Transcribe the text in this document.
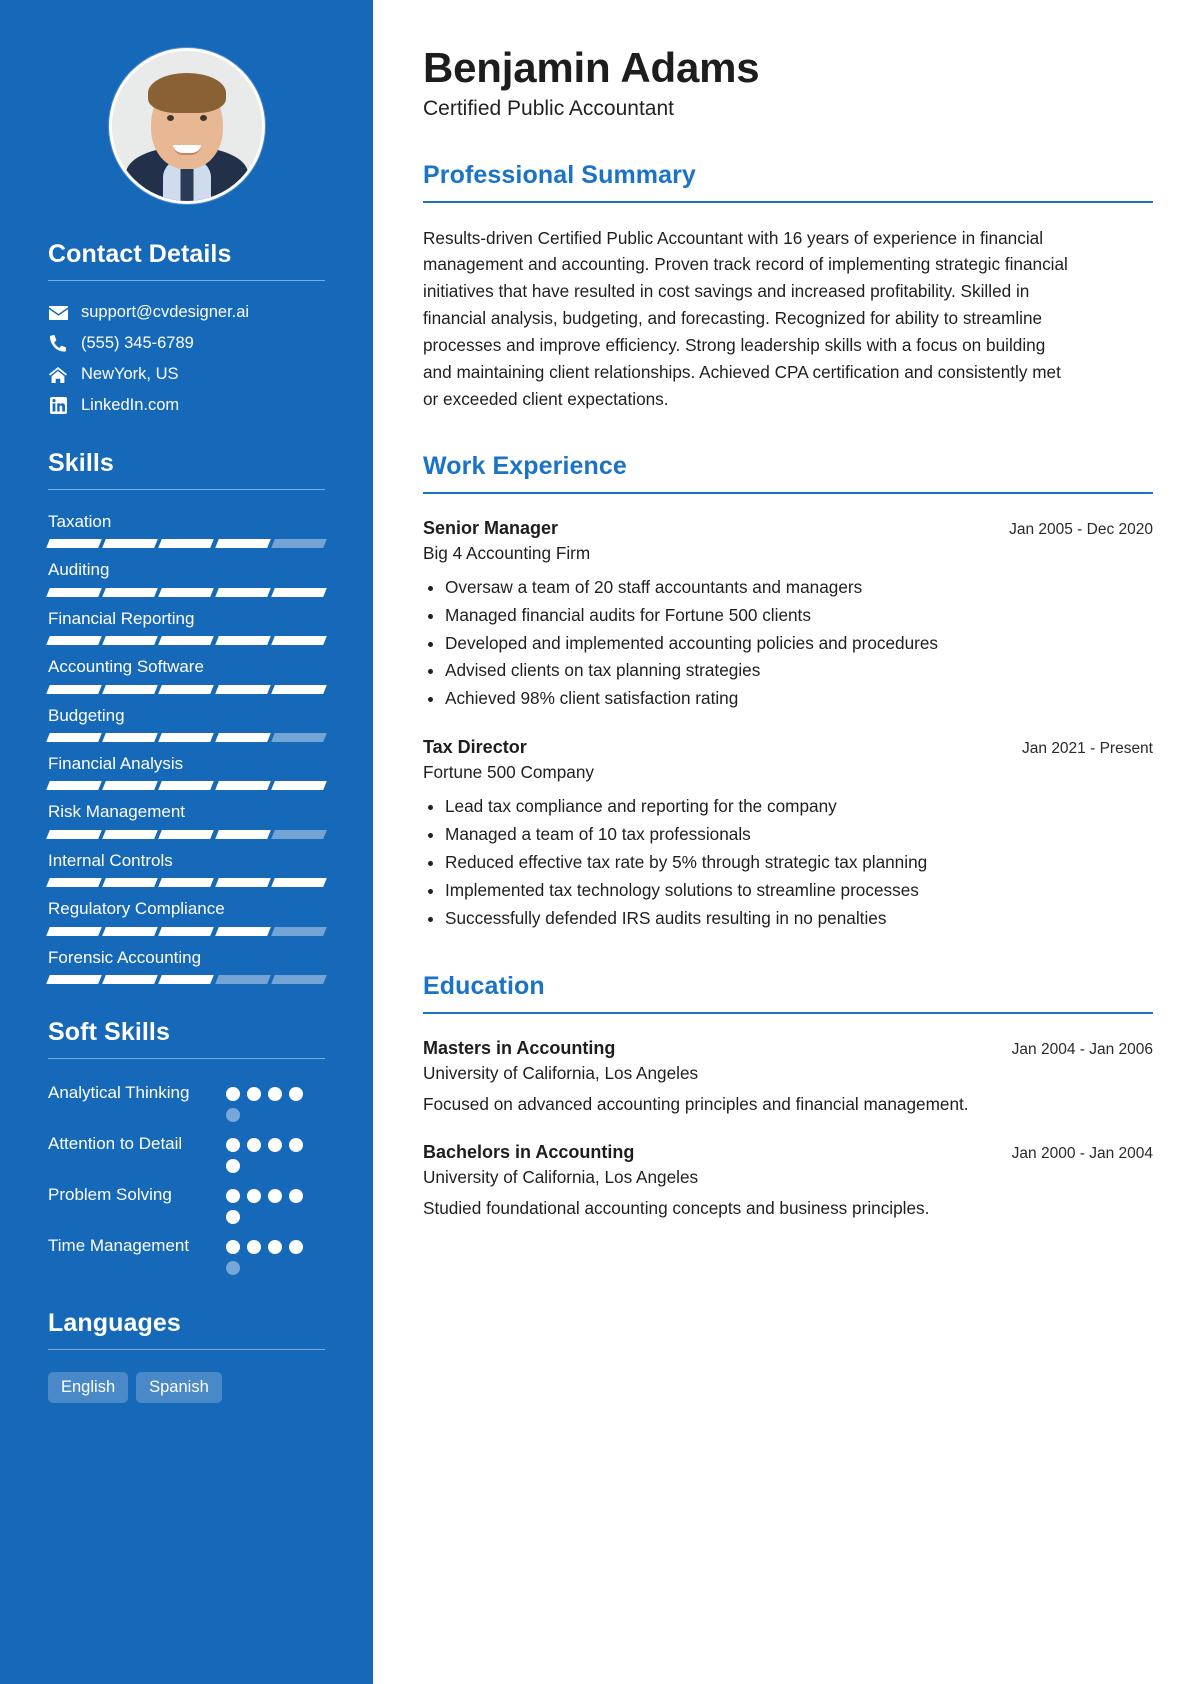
Contact Details
support@cvdesigner.ai
(555) 345-6789
NewYork, US
LinkedIn.com
Skills
Taxation
Auditing
Financial Reporting
Accounting Software
Budgeting
Financial Analysis
Risk Management
Internal Controls
Regulatory Compliance
Forensic Accounting
Soft Skills
Analytical Thinking
Attention to Detail
Problem Solving
Time Management
Languages
English	Spanish
Benjamin Adams
Certified Public Accountant
Professional Summary

Results-driven Certified Public Accountant with 16 years of experience in financial management and accounting. Proven track record of implementing strategic financial initiatives that have resulted in cost savings and increased profitability. Skilled in financial analysis, budgeting, and forecasting. Recognized for ability to streamline processes and improve efficiency. Strong leadership skills with a focus on building and maintaining client relationships. Achieved CPA certification and consistently met or exceeded client expectations.

Work Experience
Senior Manager	Jan 2005 - Dec 2020
Big 4 Accounting Firm
• Oversaw a team of 20 staff accountants and managers
• Managed financial audits for Fortune 500 clients
• Developed and implemented accounting policies and procedures
• Advised clients on tax planning strategies
• Achieved 98% client satisfaction rating
Tax Director	Jan 2021 - Present
Fortune 500 Company
• Lead tax compliance and reporting for the company
• Managed a team of 10 tax professionals
• Reduced effective tax rate by 5% through strategic tax planning
• Implemented tax technology solutions to streamline processes
• Successfully defended IRS audits resulting in no penalties
Education
Masters in Accounting	Jan 2004 - Jan 2006
University of California, Los Angeles
Focused on advanced accounting principles and financial management.
Bachelors in Accounting	Jan 2000 - Jan 2004
University of California, Los Angeles
Studied foundational accounting concepts and business principles.
